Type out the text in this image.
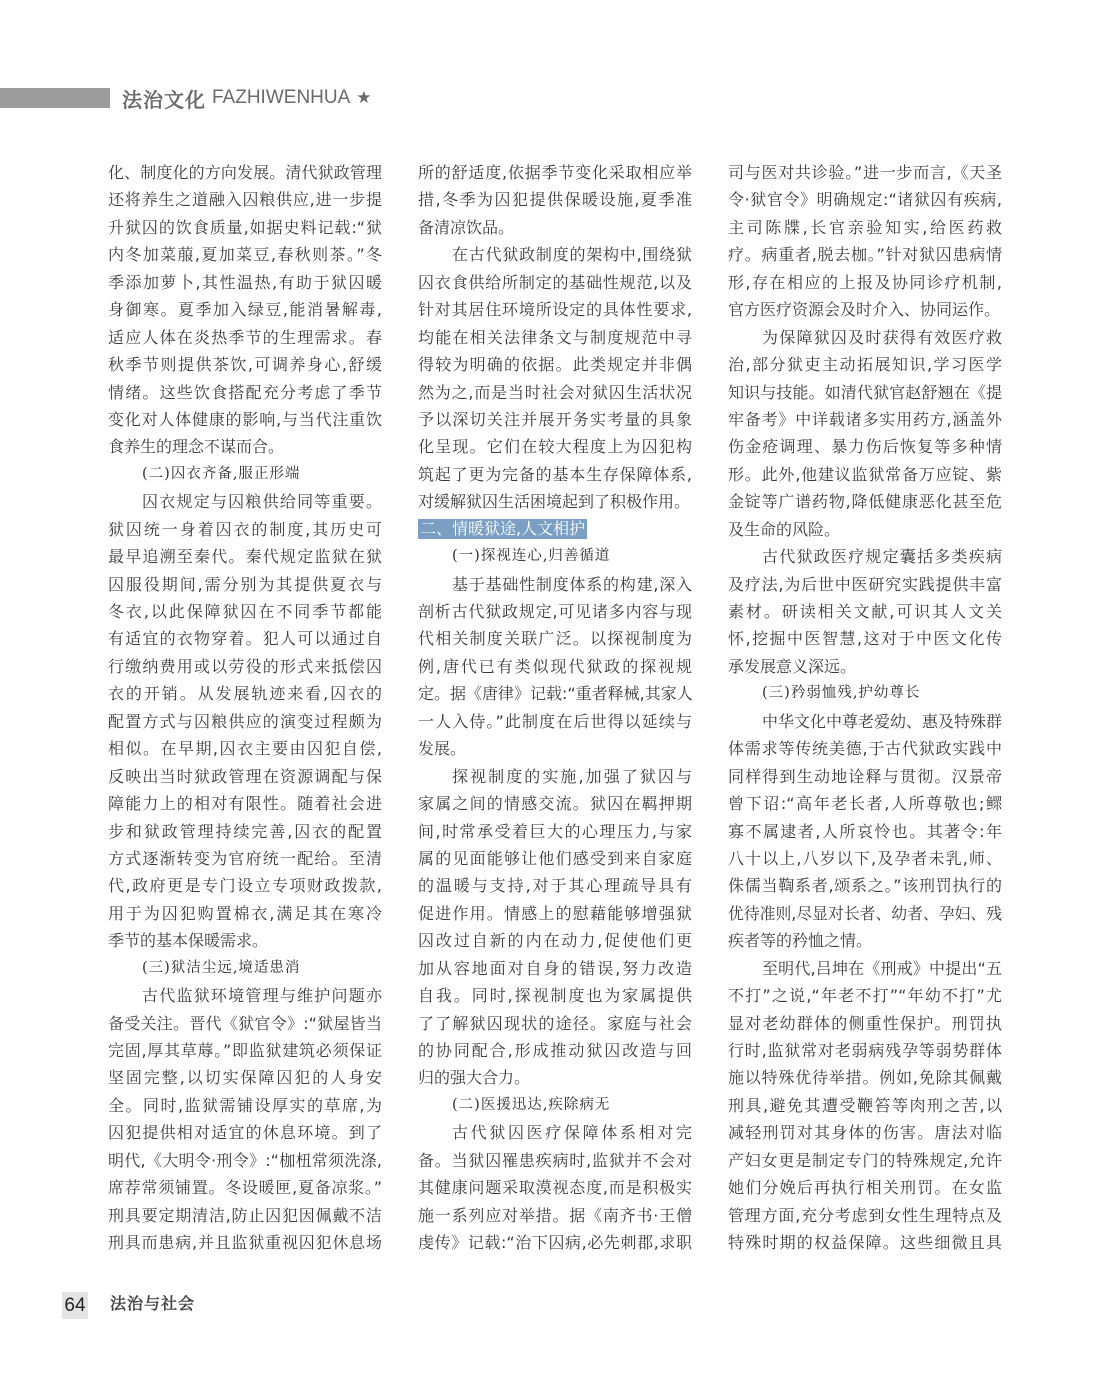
法治文化 FAZHIWENHUA ★
化、制度化的方向发展。清代狱政管理
还将养生之道融入囚粮供应,进一步提
升狱囚的饮食质量,如据史料记载:“狱
内冬加菜菔,夏加菜豆,春秋则茶。”冬
季添加萝卜,其性温热,有助于狱囚暖
身御寒。夏季加入绿豆,能消暑解毒,
适应人体在炎热季节的生理需求。春
秋季节则提供茶饮,可调养身心,舒缓
情绪。这些饮食搭配充分考虑了季节
变化对人体健康的影响,与当代注重饮
食养生的理念不谋而合。
(二)囚衣齐备,服正形端
囚衣规定与囚粮供给同等重要。
狱囚统一身着囚衣的制度,其历史可
最早追溯至秦代。秦代规定监狱在狱
囚服役期间,需分别为其提供夏衣与
冬衣,以此保障狱囚在不同季节都能
有适宜的衣物穿着。犯人可以通过自
行缴纳费用或以劳役的形式来抵偿囚
衣的开销。从发展轨迹来看,囚衣的
配置方式与囚粮供应的演变过程颇为
相似。在早期,囚衣主要由囚犯自偿,
反映出当时狱政管理在资源调配与保
障能力上的相对有限性。随着社会进
步和狱政管理持续完善,囚衣的配置
方式逐渐转变为官府统一配给。至清
代,政府更是专门设立专项财政拨款,
用于为囚犯购置棉衣,满足其在寒冷
季节的基本保暖需求。
(三)狱洁尘远,境适患消
古代监狱环境管理与维护问题亦
备受关注。晋代《狱官令》:“狱屋皆当
完固,厚其草蓐。”即监狱建筑必须保证
坚固完整,以切实保障囚犯的人身安
全。同时,监狱需铺设厚实的草席,为
囚犯提供相对适宜的休息环境。到了
明代,《大明令·刑令》:“枷杻常须洗涤,
席荐常须铺置。冬设暖匣,夏备凉浆。”
刑具要定期清洁,防止囚犯因佩戴不洁
刑具而患病,并且监狱重视囚犯休息场
所的舒适度,依据季节变化采取相应举
措,冬季为囚犯提供保暖设施,夏季准
备清凉饮品。
在古代狱政制度的架构中,围绕狱
囚衣食供给所制定的基础性规范,以及
针对其居住环境所设定的具体性要求,
均能在相关法律条文与制度规范中寻
得较为明确的依据。此类规定并非偶
然为之,而是当时社会对狱囚生活状况
予以深切关注并展开务实考量的具象
化呈现。它们在较大程度上为囚犯构
筑起了更为完备的基本生存保障体系,
对缓解狱囚生活困境起到了积极作用。
二、情暖狱途,人文相护
(一)探视连心,归善循道
基于基础性制度体系的构建,深入
剖析古代狱政规定,可见诸多内容与现
代相关制度关联广泛。以探视制度为
例,唐代已有类似现代狱政的探视规
定。据《唐律》记载:“重者释械,其家人
一人入侍。”此制度在后世得以延续与
发展。
探视制度的实施,加强了狱囚与
家属之间的情感交流。狱囚在羁押期
间,时常承受着巨大的心理压力,与家
属的见面能够让他们感受到来自家庭
的温暖与支持,对于其心理疏导具有
促进作用。情感上的慰藉能够增强狱
囚改过自新的内在动力,促使他们更
加从容地面对自身的错误,努力改造
自我。同时,探视制度也为家属提供
了了解狱囚现状的途径。家庭与社会
的协同配合,形成推动狱囚改造与回
归的强大合力。
(二)医援迅达,疾除病无
古代狱囚医疗保障体系相对完
备。当狱囚罹患疾病时,监狱并不会对
其健康问题采取漠视态度,而是积极实
施一系列应对举措。据《南齐书·王僧
虔传》记载:“治下囚病,必先刺郡,求职
司与医对共诊验。”进一步而言,《天圣
令·狱官令》明确规定:“诸狱囚有疾病,
主司陈牒,长官亲验知实,给医药救
疗。病重者,脱去枷。”针对狱囚患病情
形,存在相应的上报及协同诊疗机制,
官方医疗资源会及时介入、协同运作。
为保障狱囚及时获得有效医疗救
治,部分狱吏主动拓展知识,学习医学
知识与技能。如清代狱官赵舒翘在《提
牢备考》中详载诸多实用药方,涵盖外
伤金疮调理、暴力伤后恢复等多种情
形。此外,他建议监狱常备万应锭、紫
金锭等广谱药物,降低健康恶化甚至危
及生命的风险。
古代狱政医疗规定囊括多类疾病
及疗法,为后世中医研究实践提供丰富
素材。研读相关文献,可识其人文关
怀,挖掘中医智慧,这对于中医文化传
承发展意义深远。
(三)矜弱恤残,护幼尊长
中华文化中尊老爱幼、惠及特殊群
体需求等传统美德,于古代狱政实践中
同样得到生动地诠释与贯彻。汉景帝
曾下诏:“高年老长者,人所尊敬也;鳏
寡不属逮者,人所哀怜也。其著令:年
八十以上,八岁以下,及孕者未乳,师、
侏儒当鞫系者,颂系之。”该刑罚执行的
优待准则,尽显对长者、幼者、孕妇、残
疾者等的矜恤之情。
至明代,吕坤在《刑戒》中提出“五
不打”之说,“年老不打”“年幼不打”尤
显对老幼群体的侧重性保护。刑罚执
行时,监狱常对老弱病残孕等弱势群体
施以特殊优待举措。例如,免除其佩戴
刑具,避免其遭受鞭笞等肉刑之苦,以
减轻刑罚对其身体的伤害。唐法对临
产妇女更是制定专门的特殊规定,允许
她们分娩后再执行相关刑罚。在女监
管理方面,充分考虑到女性生理特点及
特殊时期的权益保障。这些细微且具
64 法治与社会
